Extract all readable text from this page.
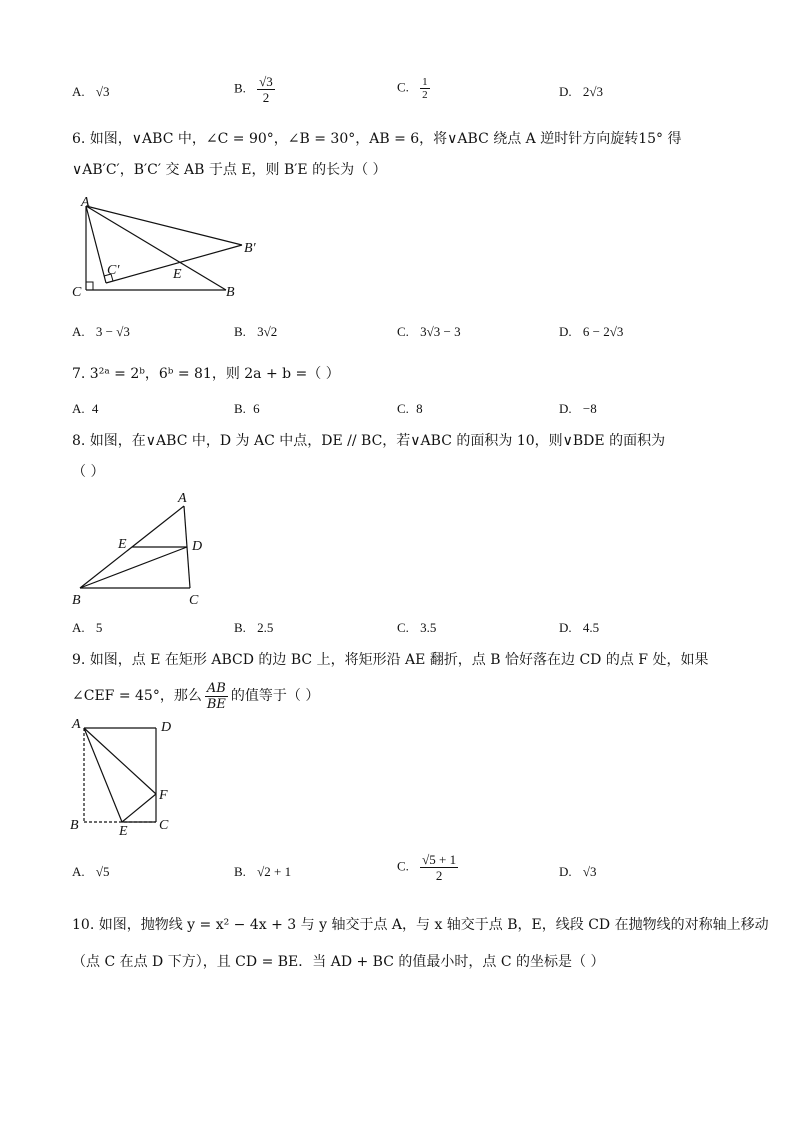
A. √3	B. $\frac{√3}{2}$	C. $\frac{1}{2}$	D. 2√3
6. 如图，∨ABC 中，∠C = 90°，∠B = 30°，AB = 6，将∨ABC 绕点 A 逆时针方向旋转15° 得
∨AB′C′，B′C′ 交 AB 于点 E，则 B′E 的长为（ ）
A
C	B
B′
C′	E
A. 3 − √3	B. 3√2	C. 3√3 − 3	D. 6 − 2√3
7. 3²ᵃ = 2ᵇ，6ᵇ = 81，则 2a + b =（ ）
A. 4	B. 6	C. 8	D. −8
8. 如图，在∨ABC 中，D 为 AC 中点，DE // BC，若∨ABC 的面积为 10，则∨BDE 的面积为
（ ）
A
E	D
B	C
A. 5	B. 2.5	C. 3.5	D. 4.5
9. 如图，点 E 在矩形 ABCD 的边 BC 上，将矩形沿 AE 翻折，点 B 恰好落在边 CD 的点 F 处，如果
∠CEF = 45°，那么 $\frac{AB}{BE}$ 的值等于（ ）
A	D
F
B	E C
A. √5	B. √2 + 1	C. $\frac{√5 + 1}{2}$	D. √3
10. 如图，抛物线 y = x² − 4x + 3 与 y 轴交于点 A，与 x 轴交于点 B，E，线段 CD 在抛物线的对称轴上移动
（点 C 在点 D 下方），且 CD = BE．当 AD + BC 的值最小时，点 C 的坐标是（ ）
